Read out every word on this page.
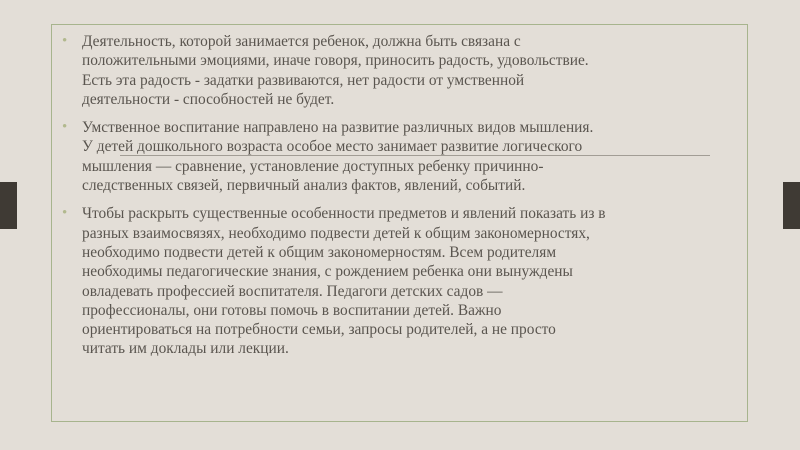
• Деятельность, которой занимается ребенок, должна быть связана с
положительными эмоциями, иначе говоря, приносить радость, удовольствие.
Есть эта радость - задатки развиваются, нет радости от умственной
деятельности - способностей не будет.
• Умственное воспитание направлено на развитие различных видов мышления.
У детей дошкольного возраста особое место занимает развитие логического
мышления — сравнение, установление доступных ребенку причинно-
следственных связей, первичный анализ фактов, явлений, событий.
• Чтобы раскрыть существенные особенности предметов и явлений показать из в
разных взаимосвязях, необходимо подвести детей к общим закономерностях,
необходимо подвести детей к общим закономерностям. Всем родителям
необходимы педагогические знания, с рождением ребенка они вынуждены
овладевать профессией воспитателя. Педагоги детских садов —
профессионалы, они готовы помочь в воспитании детей. Важно
ориентироваться на потребности семьи, запросы родителей, а не просто
читать им доклады или лекции.
